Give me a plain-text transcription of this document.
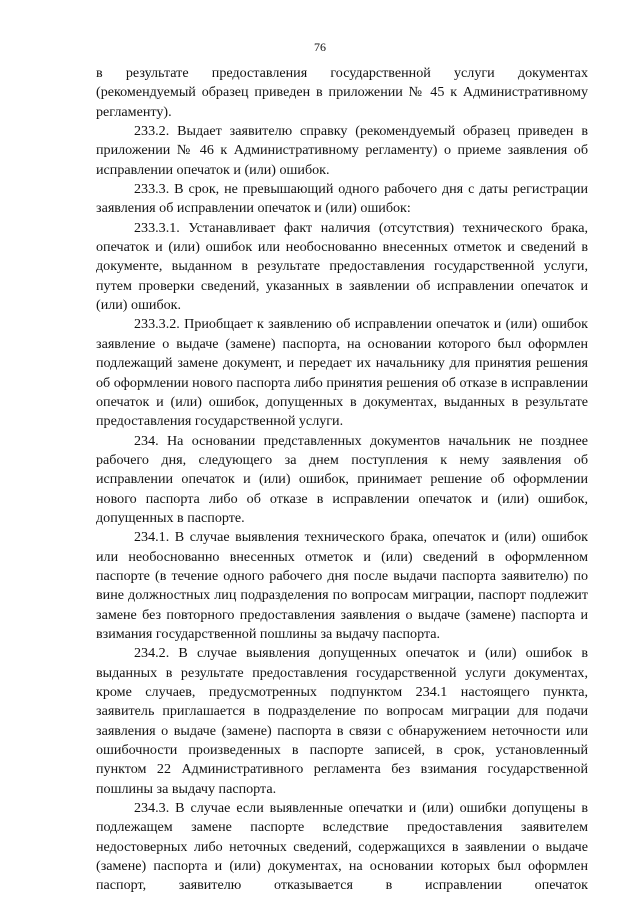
76

в результате предоставления государственной услуги документах (рекомендуемый образец приведен в приложении № 45 к Административному регламенту).

233.2. Выдает заявителю справку (рекомендуемый образец приведен в приложении № 46 к Административному регламенту) о приеме заявления об исправлении опечаток и (или) ошибок.

233.3. В срок, не превышающий одного рабочего дня с даты регистрации заявления об исправлении опечаток и (или) ошибок:

233.3.1. Устанавливает факт наличия (отсутствия) технического брака, опечаток и (или) ошибок или необоснованно внесенных отметок и сведений в документе, выданном в результате предоставления государственной услуги, путем проверки сведений, указанных в заявлении об исправлении опечаток и (или) ошибок.

233.3.2. Приобщает к заявлению об исправлении опечаток и (или) ошибок заявление о выдаче (замене) паспорта, на основании которого был оформлен подлежащий замене документ, и передает их начальнику для принятия решения об оформлении нового паспорта либо принятия решения об отказе в исправлении опечаток и (или) ошибок, допущенных в документах, выданных в результате предоставления государственной услуги.

234. На основании представленных документов начальник не позднее рабочего дня, следующего за днем поступления к нему заявления об исправлении опечаток и (или) ошибок, принимает решение об оформлении нового паспорта либо об отказе в исправлении опечаток и (или) ошибок, допущенных в паспорте.

234.1. В случае выявления технического брака, опечаток и (или) ошибок или необоснованно внесенных отметок и (или) сведений в оформленном паспорте (в течение одного рабочего дня после выдачи паспорта заявителю) по вине должностных лиц подразделения по вопросам миграции, паспорт подлежит замене без повторного предоставления заявления о выдаче (замене) паспорта и взимания государственной пошлины за выдачу паспорта.

234.2. В случае выявления допущенных опечаток и (или) ошибок в выданных в результате предоставления государственной услуги документах, кроме случаев, предусмотренных подпунктом 234.1 настоящего пункта, заявитель приглашается в подразделение по вопросам миграции для подачи заявления о выдаче (замене) паспорта в связи с обнаружением неточности или ошибочности произведенных в паспорте записей, в срок, установленный пунктом 22 Административного регламента без взимания государственной пошлины за выдачу паспорта.

234.3. В случае если выявленные опечатки и (или) ошибки допущены в подлежащем замене паспорте вследствие предоставления заявителем недостоверных либо неточных сведений, содержащихся в заявлении о выдаче (замене) паспорта и (или) документах, на основании которых был оформлен паспорт, заявителю отказывается в исправлении опечаток
